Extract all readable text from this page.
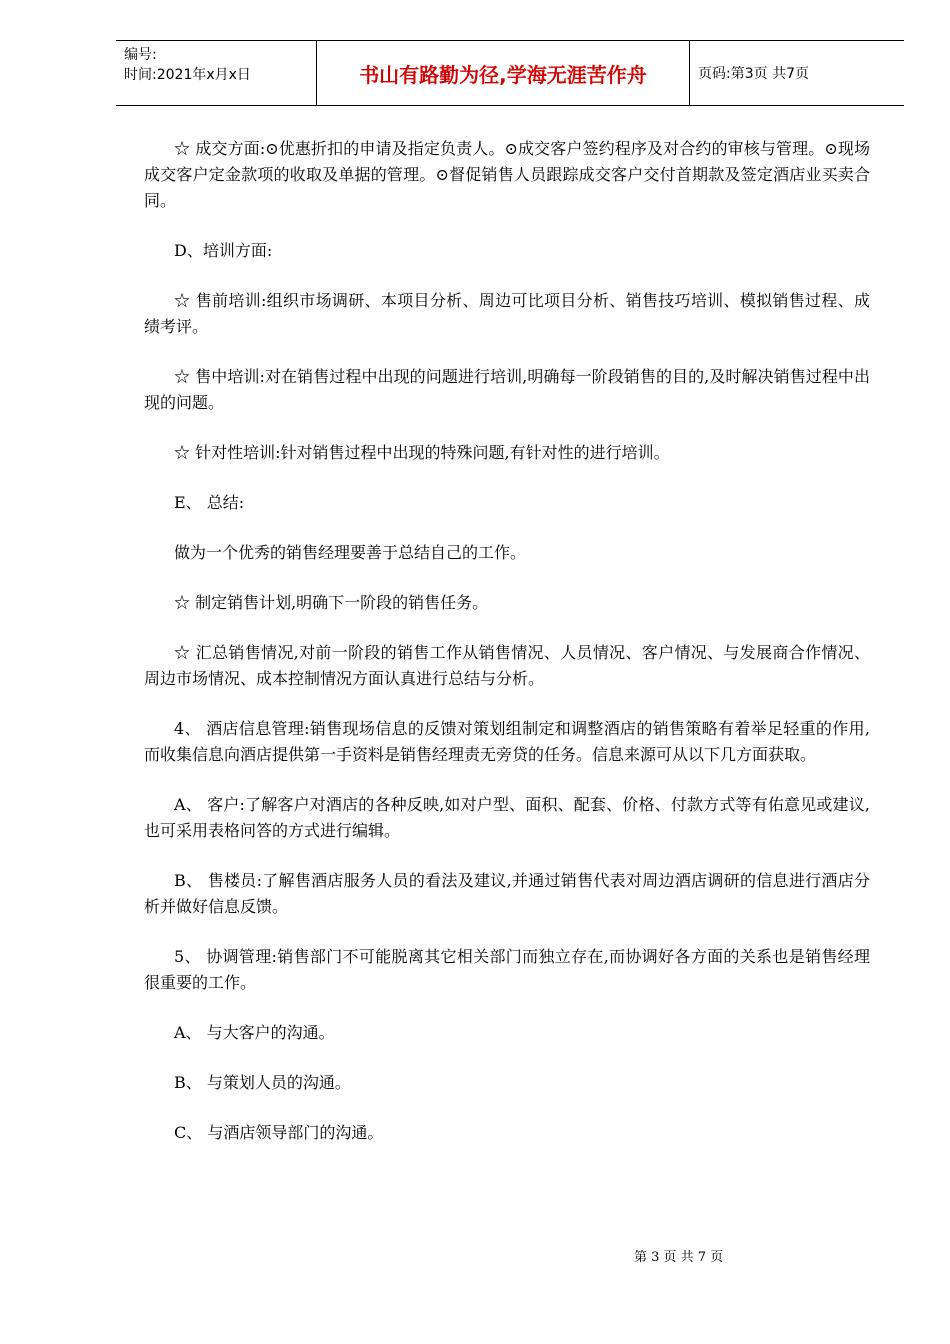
编号:
时间:2021年x月x日	书山有路勤为径,学海无涯苦作舟	页码:第3页 共7页

☆ 成交方面:⊙优惠折扣的申请及指定负责人。⊙成交客户签约程序及对合约的审核与管理。⊙现场成交客户定金款项的收取及单据的管理。⊙督促销售人员跟踪成交客户交付首期款及签定酒店业买卖合同。

D、培训方面:

☆ 售前培训:组织市场调研、本项目分析、周边可比项目分析、销售技巧培训、模拟销售过程、成绩考评。

☆ 售中培训:对在销售过程中出现的问题进行培训,明确每一阶段销售的目的,及时解决销售过程中出现的问题。

☆ 针对性培训:针对销售过程中出现的特殊问题,有针对性的进行培训。

E、 总结:

做为一个优秀的销售经理要善于总结自己的工作。

☆ 制定销售计划,明确下一阶段的销售任务。

☆ 汇总销售情况,对前一阶段的销售工作从销售情况、人员情况、客户情况、与发展商合作情况、周边市场情况、成本控制情况方面认真进行总结与分析。

4、 酒店信息管理:销售现场信息的反馈对策划组制定和调整酒店的销售策略有着举足轻重的作用,而收集信息向酒店提供第一手资料是销售经理责无旁贷的任务。信息来源可从以下几方面获取。

A、 客户:了解客户对酒店的各种反映,如对户型、面积、配套、价格、付款方式等有佑意见或建议,也可采用表格问答的方式进行编辑。

B、 售楼员:了解售酒店服务人员的看法及建议,并通过销售代表对周边酒店调研的信息进行酒店分析并做好信息反馈。

5、 协调管理:销售部门不可能脱离其它相关部门而独立存在,而协调好各方面的关系也是销售经理很重要的工作。

A、 与大客户的沟通。

B、 与策划人员的沟通。

C、 与酒店领导部门的沟通。

第 3 页 共 7 页
